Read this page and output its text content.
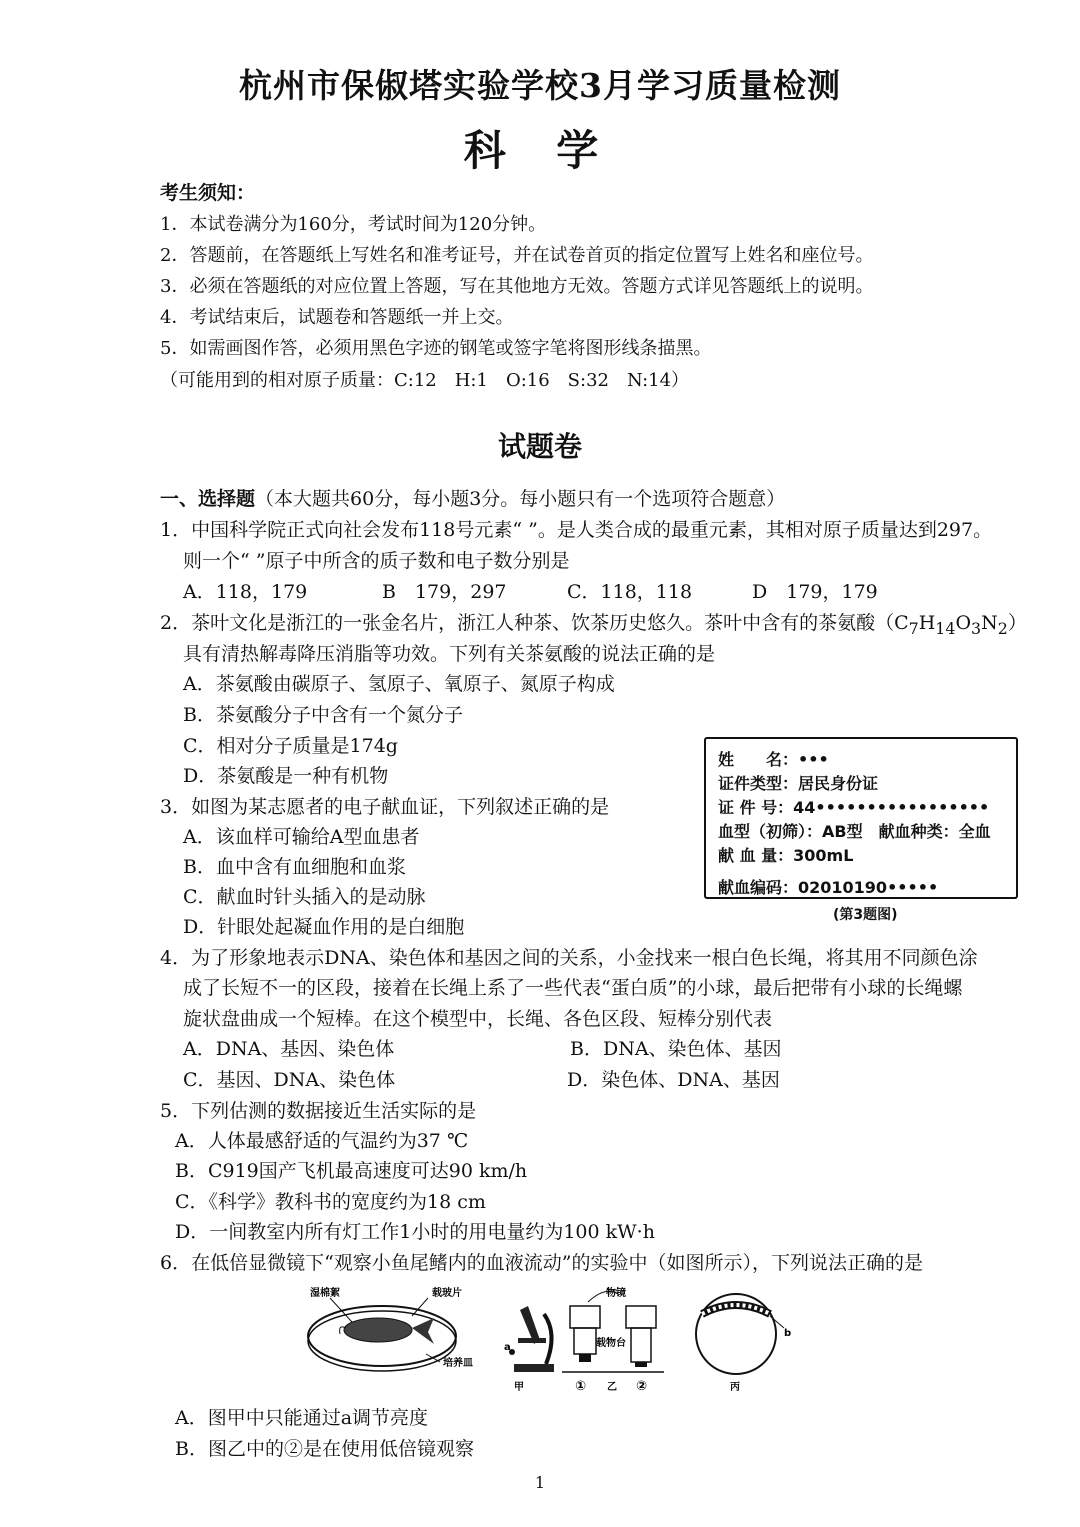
杭州市保俶塔实验学校3月学习质量检测
科 学
考生须知：
1．本试卷满分为160分，考试时间为120分钟。
2．答题前，在答题纸上写姓名和准考证号，并在试卷首页的指定位置写上姓名和座位号。
3．必须在答题纸的对应位置上答题，写在其他地方无效。答题方式详见答题纸上的说明。
4．考试结束后，试题卷和答题纸一并上交。
5．如需画图作答，必须用黑色字迹的钢笔或签字笔将图形线条描黑。
（可能用到的相对原子质量：C:12　H:1　O:16　S:32　N:14）
试题卷
一、选择题（本大题共60分，每小题3分。每小题只有一个选项符合题意）
1．中国科学院正式向社会发布118号元素“ ”。是人类合成的最重元素，其相对原子质量达到297。
则一个“ ”原子中所含的质子数和电子数分别是
A．118，179	B　179，297	C．118，118	D　179，179
2．茶叶文化是浙江的一张金名片，浙江人种茶、饮茶历史悠久。茶叶中含有的茶氨酸$(C_7H_{14}O_3N_2)$
具有清热解毒降压消脂等功效。下列有关茶氨酸的说法正确的是
A．茶氨酸由碳原子、氢原子、氧原子、氮原子构成
B．茶氨酸分子中含有一个氮分子
C．相对分子质量是174g
D．茶氨酸是一种有机物
3．如图为某志愿者的电子献血证，下列叙述正确的是
A．该血样可输给A型血患者
B．血中含有血细胞和血浆
C．献血时针头插入的是动脉
D．针眼处起凝血作用的是白细胞
姓　　名：•••
证件类型：居民身份证
证 件 号：44•••••••••••••••••
血型（初筛）：AB型　献血种类：全血
献 血 量：300mL
献血编码：02010190•••••
(第3题图)
4．为了形象地表示DNA、染色体和基因之间的关系，小金找来一根白色长绳，将其用不同颜色涂
成了长短不一的区段，接着在长绳上系了一些代表“蛋白质”的小球，最后把带有小球的长绳螺
旋状盘曲成一个短棒。在这个模型中，长绳、各色区段、短棒分别代表
A．DNA、基因、染色体	B．DNA、染色体、基因
C．基因、DNA、染色体	D．染色体、DNA、基因
5．下列估测的数据接近生活实际的是
A．人体最感舒适的气温约为37 ℃
B．C919国产飞机最高速度可达90 km/h
C．《科学》教科书的宽度约为18 cm
D．一间教室内所有灯工作1小时的用电量约为100 kW·h
6．在低倍显微镜下“观察小鱼尾鳍内的血液流动”的实验中（如图所示），下列说法正确的是
湿棉絮	载玻片
培养皿
a
甲
物镜
载物台
① 乙 ②
b
丙
A．图甲中只能通过a调节亮度
B．图乙中的②是在使用低倍镜观察
1
